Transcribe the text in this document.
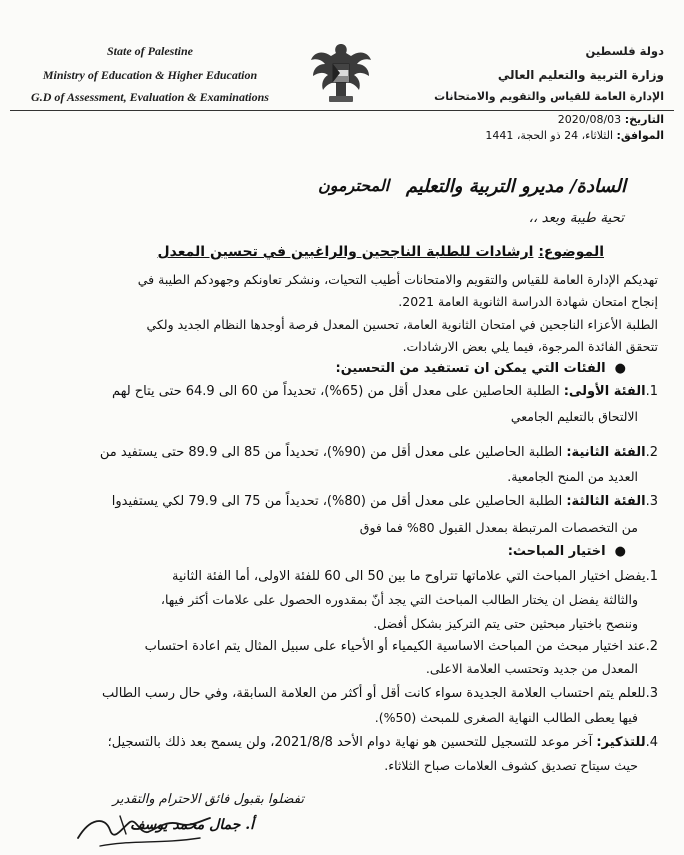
State of Palestine
Ministry of Education & Higher Education
G.D of Assessment, Evaluation & Examinations
دولة فلسطين
وزارة التربية والتعليم العالي
الإدارة العامة للقياس والتقويم والامتحانات
التاريخ: 2020/08/03
الموافق: الثلاثاء، 24 ذو الحجة، 1441
السادة/ مديرو التربية والتعليم
المحترمون
تحية طيبة وبعد ،،
الموضوع: ارشادات للطلبة الناجحين والراغبين في تحسين المعدل
تهديكم الإدارة العامة للقياس والتقويم والامتحانات أطيب التحيات، ونشكر تعاونكم وجهودكم الطيبة في
إنجاح امتحان شهادة الدراسة الثانوية العامة 2021.
الطلبة الأعزاء الناجحين في امتحان الثانوية العامة، تحسين المعدل فرصة أوجدها النظام الجديد ولكي
تتحقق الفائدة المرجوة، فيما يلي بعض الارشادات.
●  الفئات التي يمكن ان تستفيد من التحسين:
1.الفئة الأولى: الطلبة الحاصلين على معدل أقل من (65%)، تحديداً من 60 الى 64.9 حتى يتاح لهم
الالتحاق بالتعليم الجامعي
2.الفئة الثانية: الطلبة الحاصلين على معدل أقل من (90%)، تحديداً من 85 الى 89.9 حتى يستفيد من
العديد من المنح الجامعية.
3.الفئة الثالثة: الطلبة الحاصلين على معدل أقل من (80%)، تحديداً من 75 الى 79.9 لكي يستفيدوا
من التخصصات المرتبطة بمعدل القبول 80% فما فوق
●  اختيار المباحث:
1.يفضل اختيار المباحث التي علاماتها تتراوح ما بين 50 الى 60 للفئة الاولى، أما الفئة الثانية
والثالثة يفضل ان يختار الطالب المباحث التي يجد أنّ بمقدوره الحصول على علامات أكثر فيها،
وننصح باختيار مبحثين حتى يتم التركيز بشكل أفضل.
2.عند اختيار مبحث من المباحث الاساسية الكيمياء أو الأحياء على سبيل المثال يتم اعادة احتساب
المعدل من جديد وتحتسب العلامة الاعلى.
3.للعلم يتم احتساب العلامة الجديدة سواء كانت أقل أو أكثر من العلامة السابقة، وفي حال رسب الطالب
فيها يعطى الطالب النهاية الصغرى للمبحث (50%).
4.للتذكير: آخر موعد للتسجيل للتحسين هو نهاية دوام الأحد 2021/8/8، ولن يسمح بعد ذلك بالتسجيل؛
حيث سيتاح تصديق كشوف العلامات صباح الثلاثاء.
تفضلوا بقبول فائق الاحترام والتقدير
أ. جمال محمد يوسف
